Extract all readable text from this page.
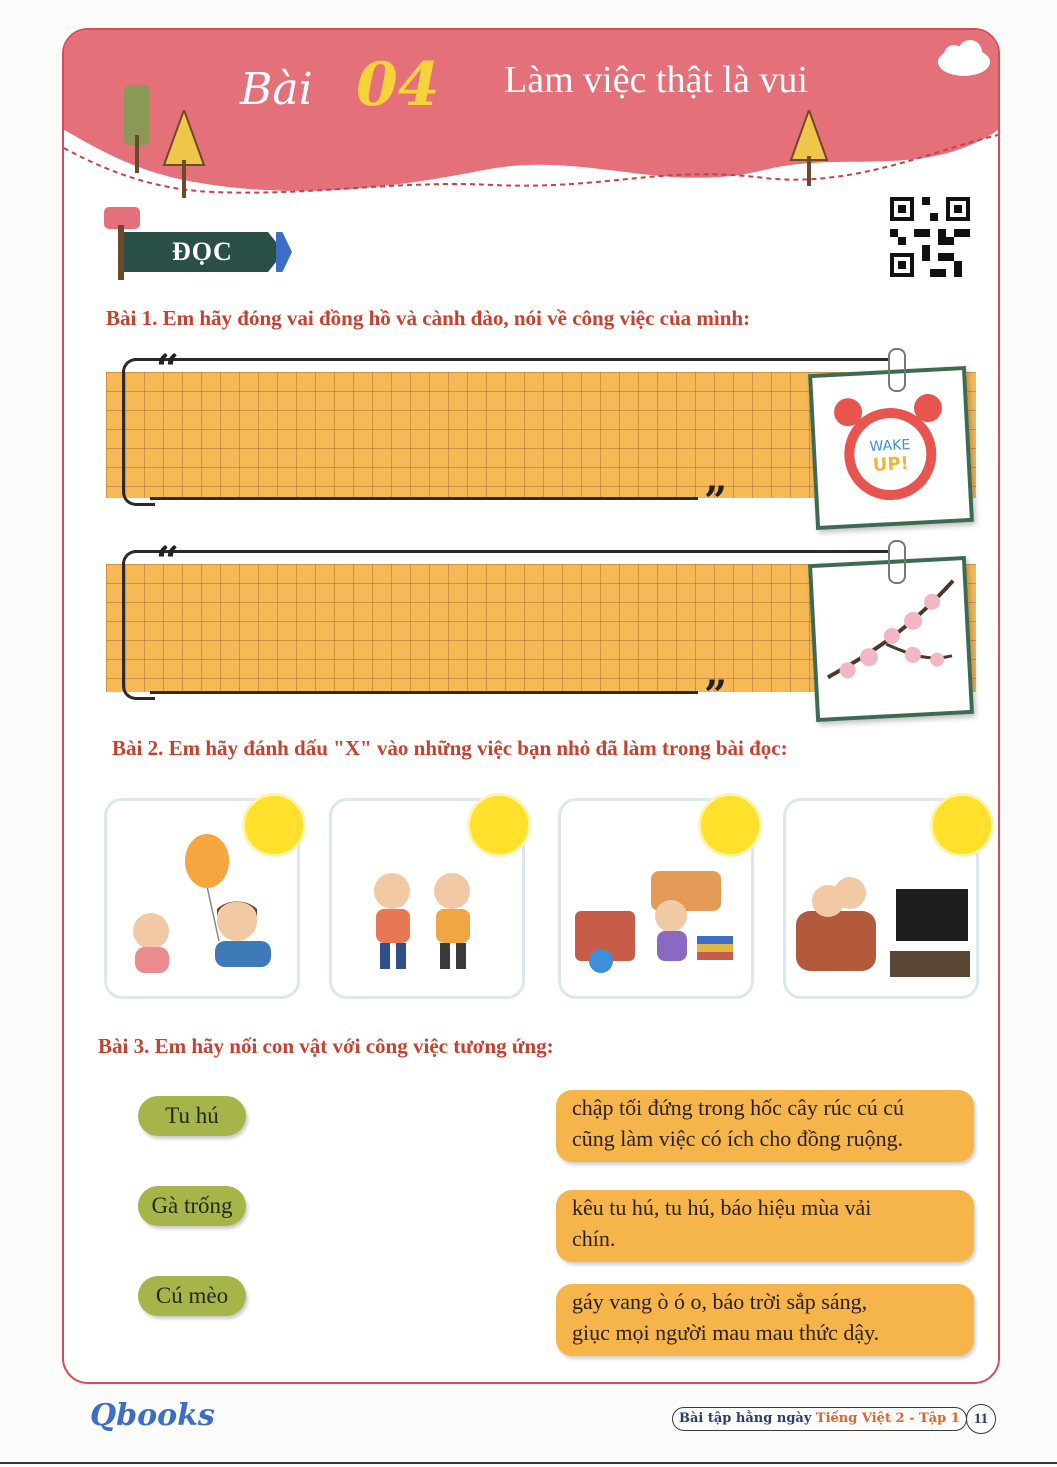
Bài 04 Làm việc thật là vui
ĐỌC
Bài 1. Em hãy đóng vai đồng hồ và cành đào, nói về công việc của mình:
“
”
WAKE
UP!
“
”
Bài 2. Em hãy đánh dấu "X" vào những việc bạn nhỏ đã làm trong bài đọc:
Bài 3. Em hãy nối con vật với công việc tương ứng:
Tu hú
Gà trống
Cú mèo
chập tối đứng trong hốc cây rúc cú cú
cũng làm việc có ích cho đồng ruộng.
kêu tu hú, tu hú, báo hiệu mùa vải
chín.
gáy vang ò ó o, báo trời sắp sáng,
giục mọi người mau mau thức dậy.
Qbooks	Bài tập hằng ngày Tiếng Việt 2 - Tập 1 11
